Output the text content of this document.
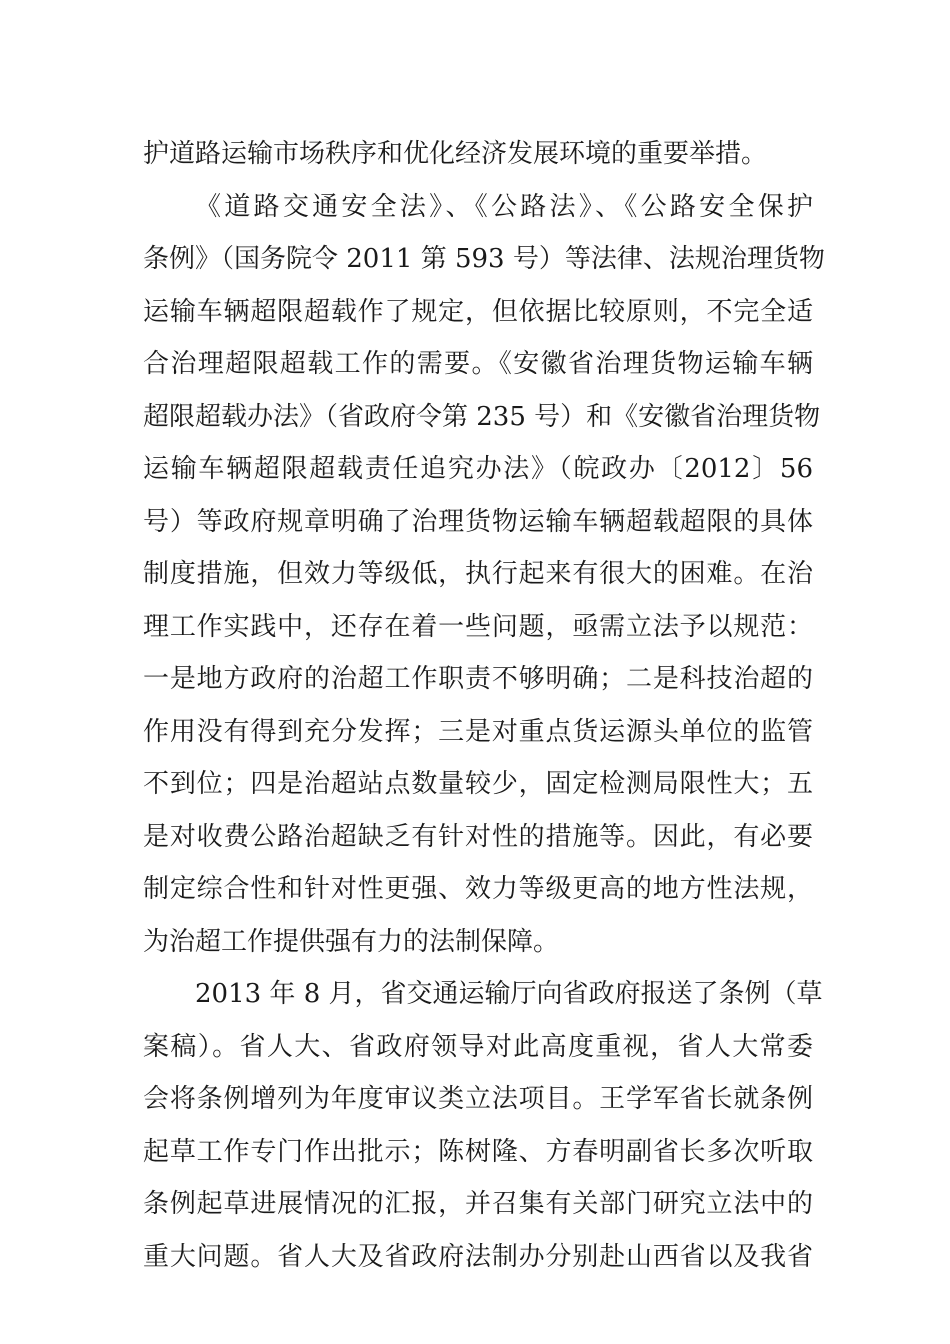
护道路运输市场秩序和优化经济发展环境的重要举措。
《道路交通安全法》、《公路法》、《公路安全保护
条例》（国务院令 2011 第 593 号）等法律、法规治理货物
运输车辆超限超载作了规定，但依据比较原则，不完全适
合治理超限超载工作的需要。《安徽省治理货物运输车辆
超限超载办法》（省政府令第 235 号）和《安徽省治理货物
运输车辆超限超载责任追究办法》（皖政办〔2012〕56
号）等政府规章明确了治理货物运输车辆超载超限的具体
制度措施，但效力等级低，执行起来有很大的困难。在治
理工作实践中，还存在着一些问题，亟需立法予以规范：
一是地方政府的治超工作职责不够明确；二是科技治超的
作用没有得到充分发挥；三是对重点货运源头单位的监管
不到位；四是治超站点数量较少，固定检测局限性大；五
是对收费公路治超缺乏有针对性的措施等。因此，有必要
制定综合性和针对性更强、效力等级更高的地方性法规，
为治超工作提供强有力的法制保障。
2013 年 8 月，省交通运输厅向省政府报送了条例（草
案稿）。省人大、省政府领导对此高度重视，省人大常委
会将条例增列为年度审议类立法项目。王学军省长就条例
起草工作专门作出批示；陈树隆、方春明副省长多次听取
条例起草进展情况的汇报，并召集有关部门研究立法中的
重大问题。省人大及省政府法制办分别赴山西省以及我省
